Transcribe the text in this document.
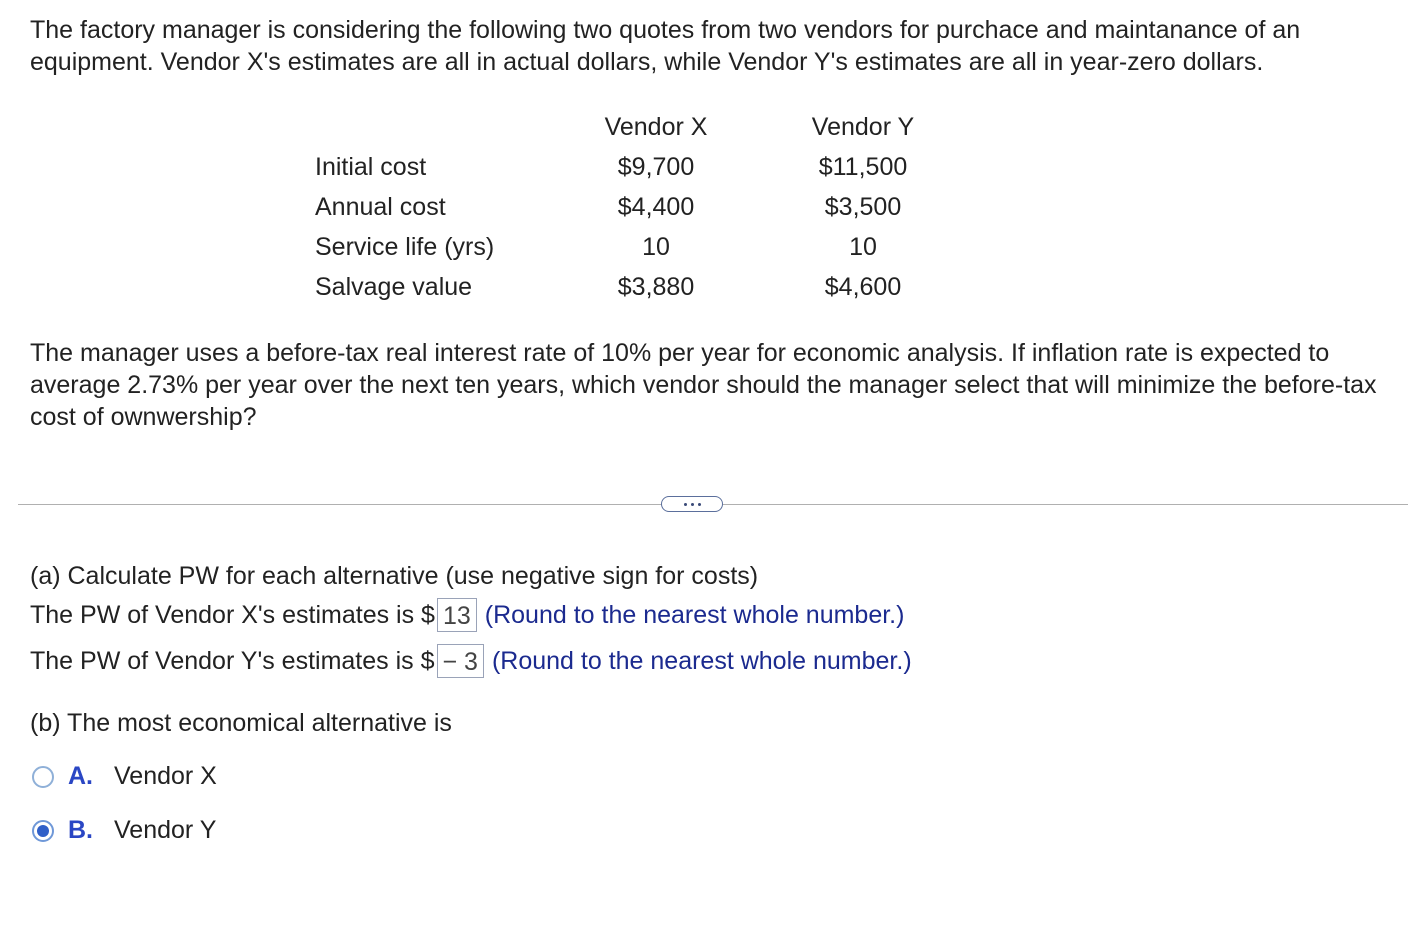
The factory manager is considering the following two quotes from two vendors for purchace and maintanance of an equipment. Vendor X's estimates are all in actual dollars, while Vendor Y's estimates are all in year-zero dollars.

	Vendor X	Vendor Y
Initial cost	$9,700	$11,500
Annual cost	$4,400	$3,500
Service life (yrs)	10	10
Salvage value	$3,880	$4,600

The manager uses a before-tax real interest rate of 10% per year for economic analysis. If inflation rate is expected to average 2.73% per year over the next ten years, which vendor should the manager select that will minimize the before-tax cost of ownwership?

(a) Calculate PW for each alternative (use negative sign for costs)
The PW of Vendor X's estimates is $ 13 (Round to the nearest whole number.)
The PW of Vendor Y's estimates is $ − 3 (Round to the nearest whole number.)
(b) The most economical alternative is
A. Vendor X
B. Vendor Y
